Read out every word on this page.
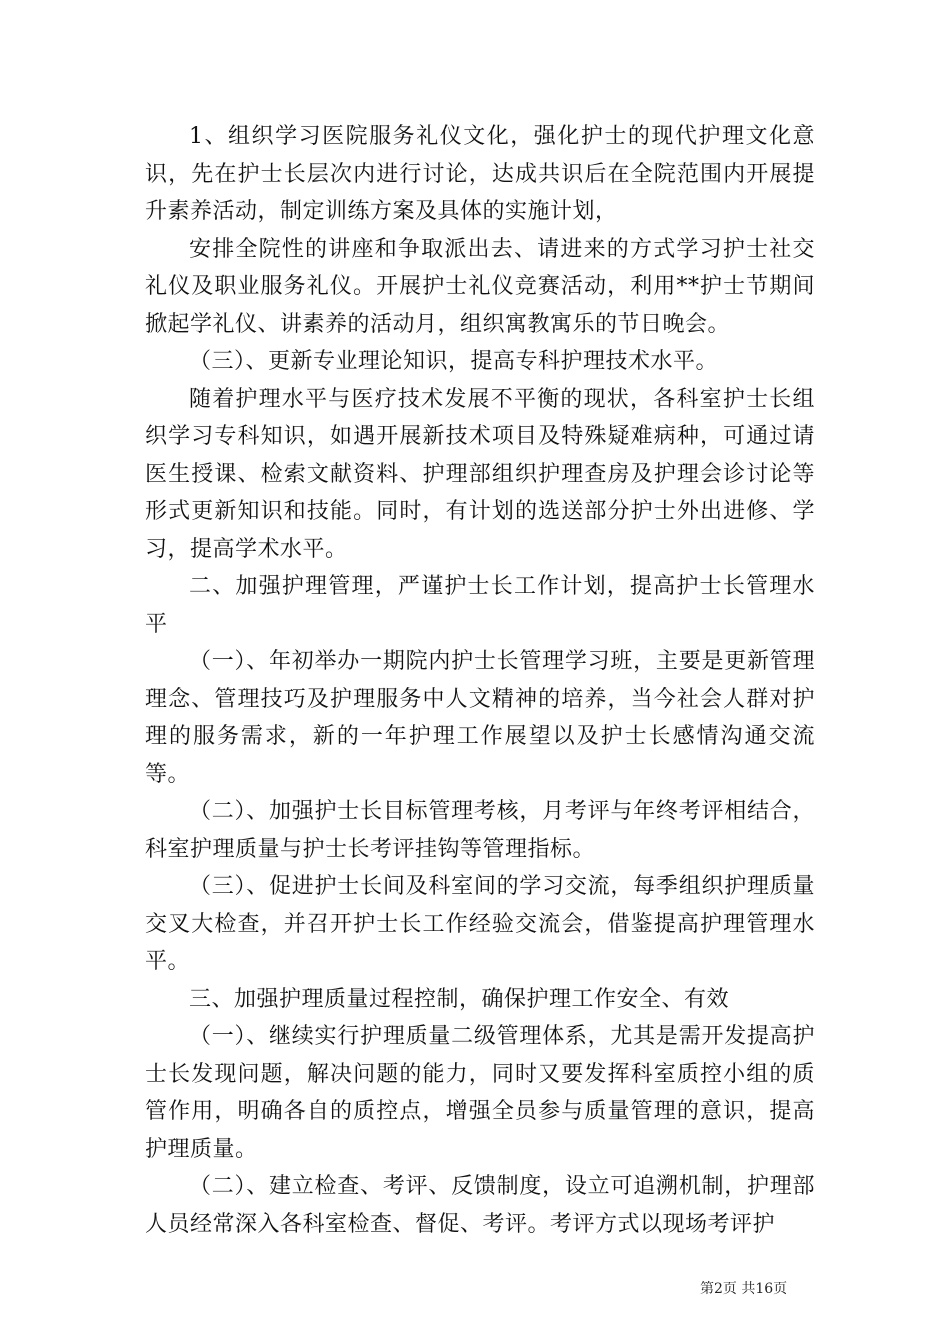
1、组织学习医院服务礼仪文化，强化护士的现代护理文化意识，先在护士长层次内进行讨论，达成共识后在全院范围内开展提升素养活动，制定训练方案及具体的实施计划，

安排全院性的讲座和争取派出去、请进来的方式学习护士社交礼仪及职业服务礼仪。开展护士礼仪竞赛活动，利用**护士节期间掀起学礼仪、讲素养的活动月，组织寓教寓乐的节日晚会。

（三）、更新专业理论知识，提高专科护理技术水平。

随着护理水平与医疗技术发展不平衡的现状，各科室护士长组织学习专科知识，如遇开展新技术项目及特殊疑难病种，可通过请医生授课、检索文献资料、护理部组织护理查房及护理会诊讨论等形式更新知识和技能。同时，有计划的选送部分护士外出进修、学习，提高学术水平。

二、加强护理管理，严谨护士长工作计划，提高护士长管理水平

（一）、年初举办一期院内护士长管理学习班，主要是更新管理理念、管理技巧及护理服务中人文精神的培养，当今社会人群对护理的服务需求，新的一年护理工作展望以及护士长感情沟通交流等。

（二）、加强护士长目标管理考核，月考评与年终考评相结合，科室护理质量与护士长考评挂钩等管理指标。

（三）、促进护士长间及科室间的学习交流，每季组织护理质量交叉大检查，并召开护士长工作经验交流会，借鉴提高护理管理水平。

三、加强护理质量过程控制，确保护理工作安全、有效

（一）、继续实行护理质量二级管理体系，尤其是需开发提高护士长发现问题，解决问题的能力，同时又要发挥科室质控小组的质管作用，明确各自的质控点，增强全员参与质量管理的意识，提高护理质量。

（二）、建立检查、考评、反馈制度，设立可追溯机制，护理部人员经常深入各科室检查、督促、考评。考评方式以现场考评护

第2页 共16页
